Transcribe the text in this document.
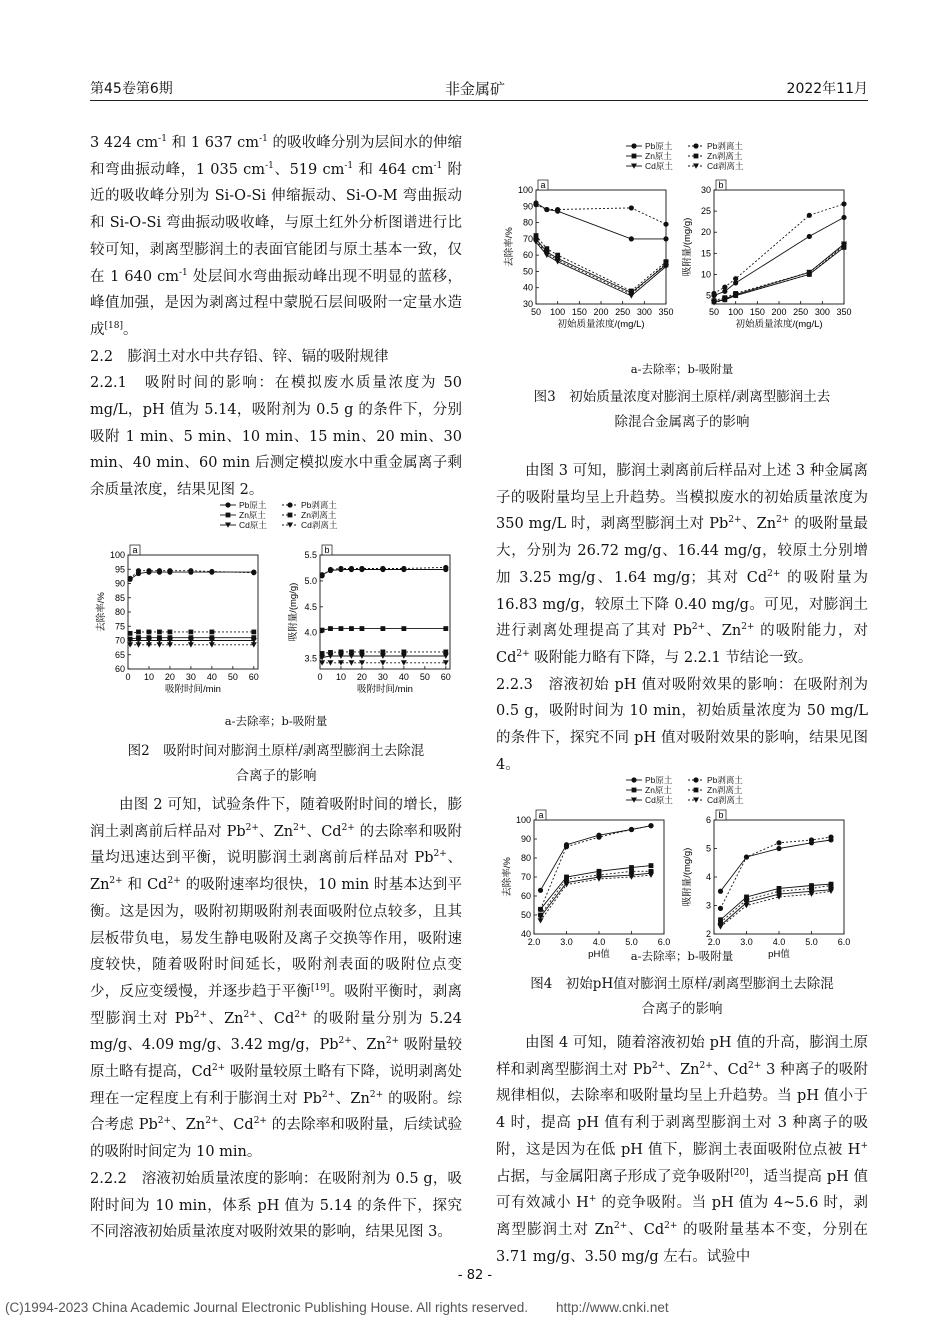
第45卷第6期	非金属矿	2022年11月

3 424 $cm^{-1}$ 和 1 637 $cm^{-1}$ 的吸收峰分别为层间水的伸缩和弯曲振动峰，1 035 $cm^{-1}$、519 $cm^{-1}$ 和 464 $cm^{-1}$ 附近的吸收峰分别为 Si-O-Si 伸缩振动、Si-O-M 弯曲振动和 Si-O-Si 弯曲振动吸收峰，与原土红外分析图谱进行比较可知，剥离型膨润土的表面官能团与原土基本一致，仅在 1 640 $cm^{-1}$ 处层间水弯曲振动峰出现不明显的蓝移，峰值加强，是因为剥离过程中蒙脱石层间吸附一定量水造成[18]。

2.2　膨润土对水中共存铅、锌、镉的吸附规律

2.2.1　吸附时间的影响：在模拟废水质量浓度为 50 mg/L，pH 值为 5.14，吸附剂为 0.5 g 的条件下，分别吸附 1 min、5 min、10 min、15 min、20 min、30 min、40 min、60 min 后测定模拟废水中重金属离子剩余质量浓度，结果见图 2。

Pb原土	Pb剥离土
Zn原土	Zn剥离土
Cd原土	Cd剥离土
a
0 10 20 30 40 50 60
60
65
70
75
80
85
90
95
100
吸附时间/min
去除率/%
b
0 10 20 30 40 50 60
3.5
4.0
4.5
5.0
5.5
吸附时间/min
吸附量/(mg/g)
a-去除率；b-吸附量
图2　吸附时间对膨润土原样/剥离型膨润土去除混
合离子的影响

由图 2 可知，试验条件下，随着吸附时间的增长，膨润土剥离前后样品对 $Pb^{2+}$、$Zn^{2+}$、$Cd^{2+}$ 的去除率和吸附量均迅速达到平衡，说明膨润土剥离前后样品对 $Pb^{2+}$、$Zn^{2+}$ 和 $Cd^{2+}$ 的吸附速率均很快，10 min 时基本达到平衡。这是因为，吸附初期吸附剂表面吸附位点较多，且其层板带负电，易发生静电吸附及离子交换等作用，吸附速度较快，随着吸附时间延长，吸附剂表面的吸附位点变少，反应变缓慢，并逐步趋于平衡[19]。吸附平衡时，剥离型膨润土对 $Pb^{2+}$、$Zn^{2+}$、$Cd^{2+}$ 的吸附量分别为 5.24 mg/g、4.09 mg/g、3.42 mg/g，$Pb^{2+}$、$Zn^{2+}$ 吸附量较原土略有提高，$Cd^{2+}$ 吸附量较原土略有下降，说明剥离处理在一定程度上有利于膨润土对 $Pb^{2+}$、$Zn^{2+}$ 的吸附。综合考虑 $Pb^{2+}$、$Zn^{2+}$、$Cd^{2+}$ 的去除率和吸附量，后续试验的吸附时间定为 10 min。

2.2.2　溶液初始质量浓度的影响：在吸附剂为 0.5 g，吸附时间为 10 min，体系 pH 值为 5.14 的条件下，探究不同溶液初始质量浓度对吸附效果的影响，结果见图 3。

Pb原土	Pb剥离土
Zn原土	Zn剥离土
Cd原土	Cd剥离土
a
50 100 150 200 250 300 350
30
40
50
60
70
80
90
100
初始质量浓度/(mg/L)
去除率/%
b
50 100 150 200 250 300 350
5
10
15
20
25
30
初始质量浓度/(mg/L)
吸附量/(mg/g)
a-去除率；b-吸附量
图3　初始质量浓度对膨润土原样/剥离型膨润土去
除混合金属离子的影响

由图 3 可知，膨润土剥离前后样品对上述 3 种金属离子的吸附量均呈上升趋势。当模拟废水的初始质量浓度为 350 mg/L 时，剥离型膨润土对 $Pb^{2+}$、$Zn^{2+}$ 的吸附量最大，分别为 26.72 mg/g、16.44 mg/g，较原土分别增加 3.25 mg/g、1.64 mg/g；其对 $Cd^{2+}$ 的吸附量为 16.83 mg/g，较原土下降 0.40 mg/g。可见，对膨润土进行剥离处理提高了其对 $Pb^{2+}$、$Zn^{2+}$ 的吸附能力，对 $Cd^{2+}$ 吸附能力略有下降，与 2.2.1 节结论一致。

2.2.3　溶液初始 pH 值对吸附效果的影响：在吸附剂为 0.5 g，吸附时间为 10 min，初始质量浓度为 50 mg/L 的条件下，探究不同 pH 值对吸附效果的影响，结果见图 4。

Pb原土	Pb剥离土
Zn原土	Zn剥离土
Cd原土	Cd剥离土
a
2.0 3.0 4.0 5.0 6.0
40
50
60
70
80
90
100
pH值
去除率/%
b
2.0 3.0 4.0 5.0 6.0
2
3
4
5
6
pH值
吸附量/(mg/g)
a-去除率；b-吸附量
图4　初始pH值对膨润土原样/剥离型膨润土去除混
合离子的影响

由图 4 可知，随着溶液初始 pH 值的升高，膨润土原样和剥离型膨润土对 $Pb^{2+}$、$Zn^{2+}$、$Cd^{2+}$ 3 种离子的吸附规律相似，去除率和吸附量均呈上升趋势。当 pH 值小于 4 时，提高 pH 值有利于剥离型膨润土对 3 种离子的吸附，这是因为在低 pH 值下，膨润土表面吸附位点被 H+ 占据，与金属阳离子形成了竞争吸附[20]，适当提高 pH 值可有效减小 H+ 的竞争吸附。当 pH 值为 4~5.6 时，剥离型膨润土对 $Zn^{2+}$、$Cd^{2+}$ 的吸附量基本不变，分别在 3.71 mg/g、3.50 mg/g 左右。试验中

- 82 -
(C)1994-2023 China Academic Journal Electronic Publishing House. All rights reserved. http://www.cnki.net
